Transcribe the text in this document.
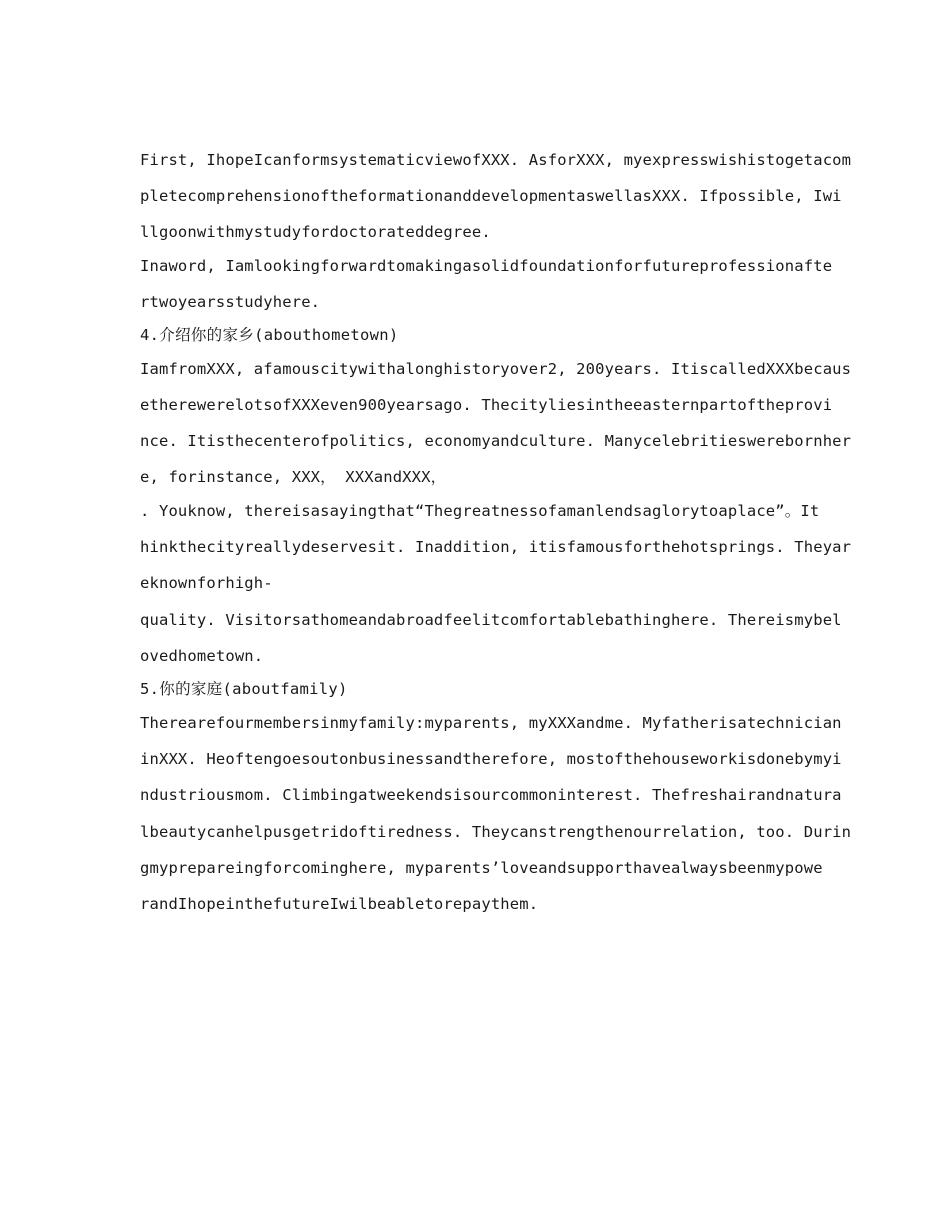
First, IhopeIcanformsystematicviewofXXX. AsforXXX, myexpresswishistogetacom
pletecomprehensionoftheformationanddevelopmentaswellasXXX. Ifpossible, Iwi
llgoonwithmystudyfordoctorateddegree.
Inaword, Iamlookingforwardtomakingasolidfoundationforfutureprofessionafte
rtwoyearsstudyhere.
4.介绍你的家乡(abouthometown)
IamfromXXX, afamouscitywithalonghistoryover2, 200years. ItiscalledXXXbecaus
etherewerelotsofXXXeven900yearsago. Thecityliesintheeasternpartoftheprovi
nce. Itisthecenterofpolitics, economyandculture. Manycelebritieswerebornher
e, forinstance, XXX， XXXandXXX，
. Youknow, thereisasayingthat“Thegreatnessofamanlendsaglorytoaplace”。It
hinkthecityreallydeservesit. Inaddition, itisfamousforthehotsprings. Theyar
eknownforhigh-
quality. Visitorsathomeandabroadfeelitcomfortablebathinghere. Thereismybel
ovedhometown.
5.你的家庭(aboutfamily)
Therearefourmembersinmyfamily:myparents, myXXXandme. Myfatherisatechnician
inXXX. Heoftengoesoutonbusinessandtherefore, mostofthehouseworkisdonebymyi
ndustriousmom. Climbingatweekendsisourcommoninterest. Thefreshairandnatura
lbeautycanhelpusgetridoftiredness. Theycanstrengthenourrelation, too. Durin
gmyprepareingforcominghere, myparents’loveandsupporthavealwaysbeenmypowe
randIhopeinthefutureIwilbeabletorepaythem.
